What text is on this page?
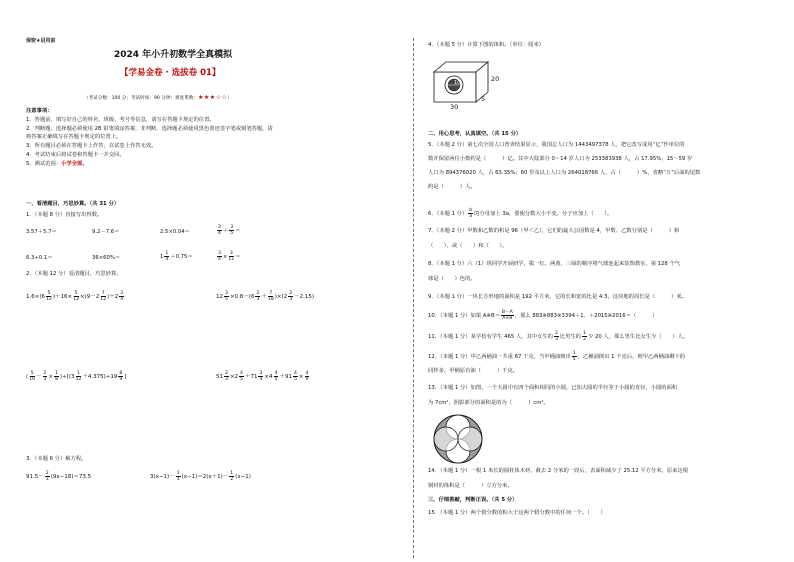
保密★启用前
2024 年小升初数学全真模拟
【学易金卷 · 选拔卷 01】
（考试分数：100 分；考试时间：90 分钟；难度系数：★★★☆☆）
注意事项：
1．答题前，填写好自己的姓名、班级、考号等信息，请写在答题卡规定的位置。
2．判断题、选择题必须使用 2B 铅笔填涂答案，非判断、选择题必须使用黑色墨迹签字笔或钢笔答题，请
将答案正确填写在答题卡规定的位置上。
3．所有题目必须在答题卡上作答，在试卷上作答无效。
4．考试结束后将试卷和答题卡一并交回。
5．测试范围：小学全部。
一、看清题目，巧思妙算。（共 31 分）
1．（本题 8 分）直接写出得数。
3.57＋5.7＝	9.2－7.6＝	2.5×0.04＝	$\frac{3}{4} + \frac{3}{5}$ ＝
6.3÷0.1＝	36×60%＝	$1 \frac{1}{4} +0.75=$	$\frac{3}{4} \times \frac{3}{11}$ ＝
2．（本题 12 分）看清题目，巧思妙算。
$1.6\times(6 \frac{5}{12} )+16\times \frac{5}{12} \times(9-2 \frac{7}{12} )+2 \frac{3}{4}$	$12 \frac{3}{5} \times 0.8-(6 \frac{2}{3} + \frac{7}{18} )\times(2 \frac{2}{3} -2.15)$
( $\frac{5}{16} - \frac{2}{3} \times \frac{1}{8} )\div[(3 \frac{1}{12} +4.375)\div 19 \frac{8}{9}$ ]	$51 \frac{2}{3} \times 2 \frac{4}{5} +71 \frac{3}{4} \times 4 \frac{4}{5} +91 \frac{4}{5} \times \frac{4}{9}$
3．（本题 6 分）解方程。
$91.5- \frac{2}{3} (9x-18)=73.5$	$3(x-1)- \frac{1}{3} (x-1)=2(x+1)- \frac{1}{2} (x-1)$
4．（本题 5 分）计算下图的体积。（单位：厘米）
10	20
5
30
二、用心思考，认真填空。（共 15 分）
5．（本题 2 分）第七次全国人口普查结果显示，我国总人口为 1443497378 人，把它改写成用“亿”作单位的
数并保留两位小数约是（　　　）亿。其中大陆部分 0～14 岁人口为 253383938 人，占 17.95%；15～59 岁
人口为 894376020 人，占 63.35%；60 岁及以上人口为 264018766 人，占（　　　）%，省略“万”后面的尾数
约是（　　　）人。
6．（本题 1 分） $\frac{b}{a}$ 的分母加上 3a，要使分数大小不变，分子应加上（　　）。
7．（本题 2 分）甲数和乙数的积是 96（甲＜乙），它们的最大公因数是 4，甲数、乙数分别是（　　　）和
（　　）、或（　　）和（　　）。
8．（本题 1 分）六（1）班同学开展研学，拔一红、两黄、三绿的顺序将气球连起来装饰教室，第 128 个气
球是（　　）色的。
9．（本题 1 分）一块长方形地的面积是 192 平方米，它的长和宽的比是 4:3，这块地的周长是（　　　）米。
10．（本题 1 分）如果 A※B＝ $\frac{B-A}{A\times B}$ ，那么 883※883※3394＋1．＋2015※2016＝（　　　）
11．（本题 1 分）某学校有学生 465 人，其中女生的 $\frac{2}{3}$ 比男生的 $\frac{1}{2}$ 少 20 人，那么男生比女生少（　　）人。
12．（本题 1 分）甲乙两桶油一共重 67 千克，当甲桶油倒出 $\frac{1}{5}$ ，乙桶油倒出 1 千克后，则甲乙两桶油剩下的
同样多，甲桶原有油（　　　）千克。
13．（本题 1 分）如图，一个大圆中有四个面积相同的小圆，已知大圆的半径等于小圆的直径，小圆的面积
为 7cm²，阴影部分的面积是的为（　　　）cm²。
14．（本题 1 分）一根 1 米长的圆柱体木材，截去 2 分米的一段后，表面积减少了 25.12 平方分米，原来这根
钢材的体积是（　　　）立方分米。
三、仔细推敲，判断正误。（共 5 分）
15．（本题 1 分）两个假分数的积大于这两个假分数中的任何一个。（　　）
